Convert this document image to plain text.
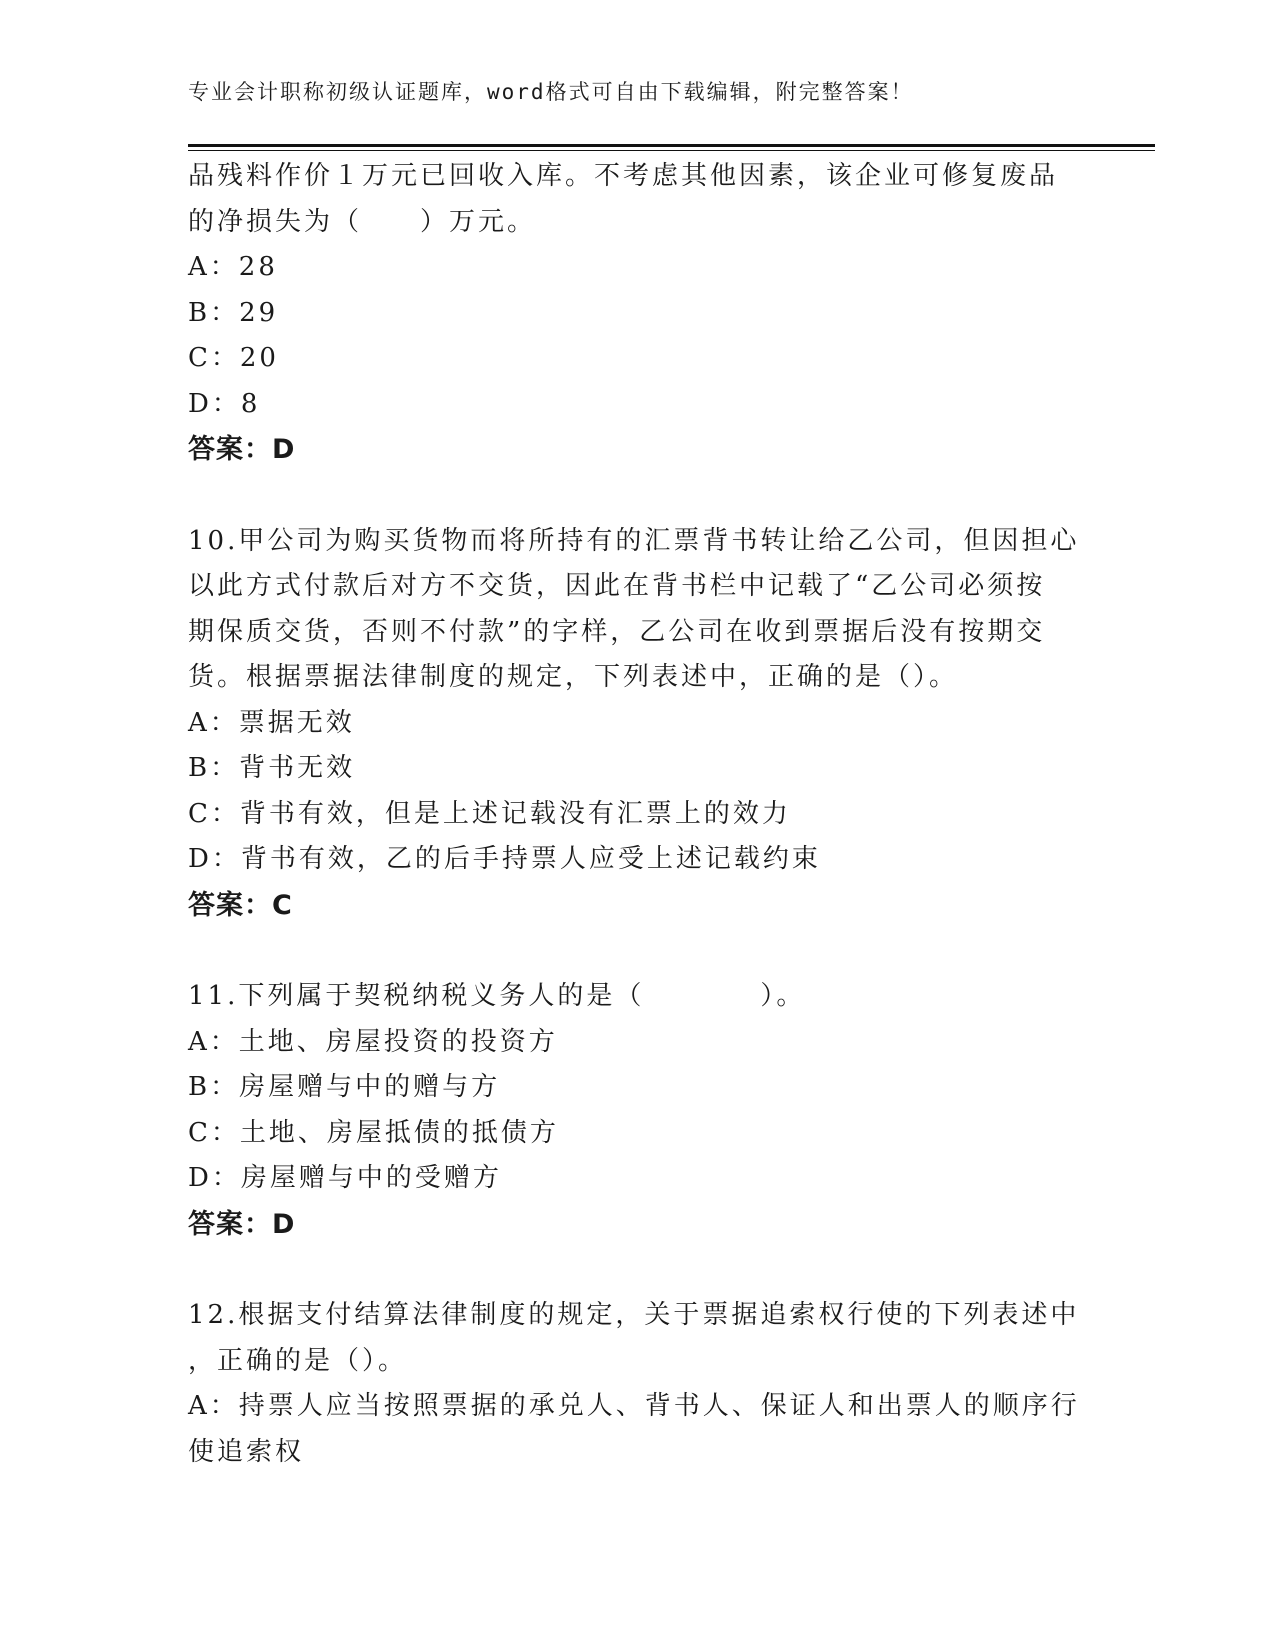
专业会计职称初级认证题库，word格式可自由下载编辑，附完整答案！
品残料作价１万元已回收入库。不考虑其他因素，该企业可修复废品
的净损失为（　　）万元。
A：28
B：29
C：20
D：8
答案：D
10.甲公司为购买货物而将所持有的汇票背书转让给乙公司，但因担心
以此方式付款后对方不交货，因此在背书栏中记载了“乙公司必须按
期保质交货，否则不付款”的字样，乙公司在收到票据后没有按期交
货。根据票据法律制度的规定，下列表述中，正确的是（）。
A：票据无效
B：背书无效
C：背书有效，但是上述记载没有汇票上的效力
D：背书有效，乙的后手持票人应受上述记载约束
答案：C
11.下列属于契税纳税义务人的是（　　　　）。
A：土地、房屋投资的投资方
B：房屋赠与中的赠与方
C：土地、房屋抵债的抵债方
D：房屋赠与中的受赠方
答案：D
12.根据支付结算法律制度的规定，关于票据追索权行使的下列表述中
，正确的是（）。
A：持票人应当按照票据的承兑人、背书人、保证人和出票人的顺序行
使追索权
